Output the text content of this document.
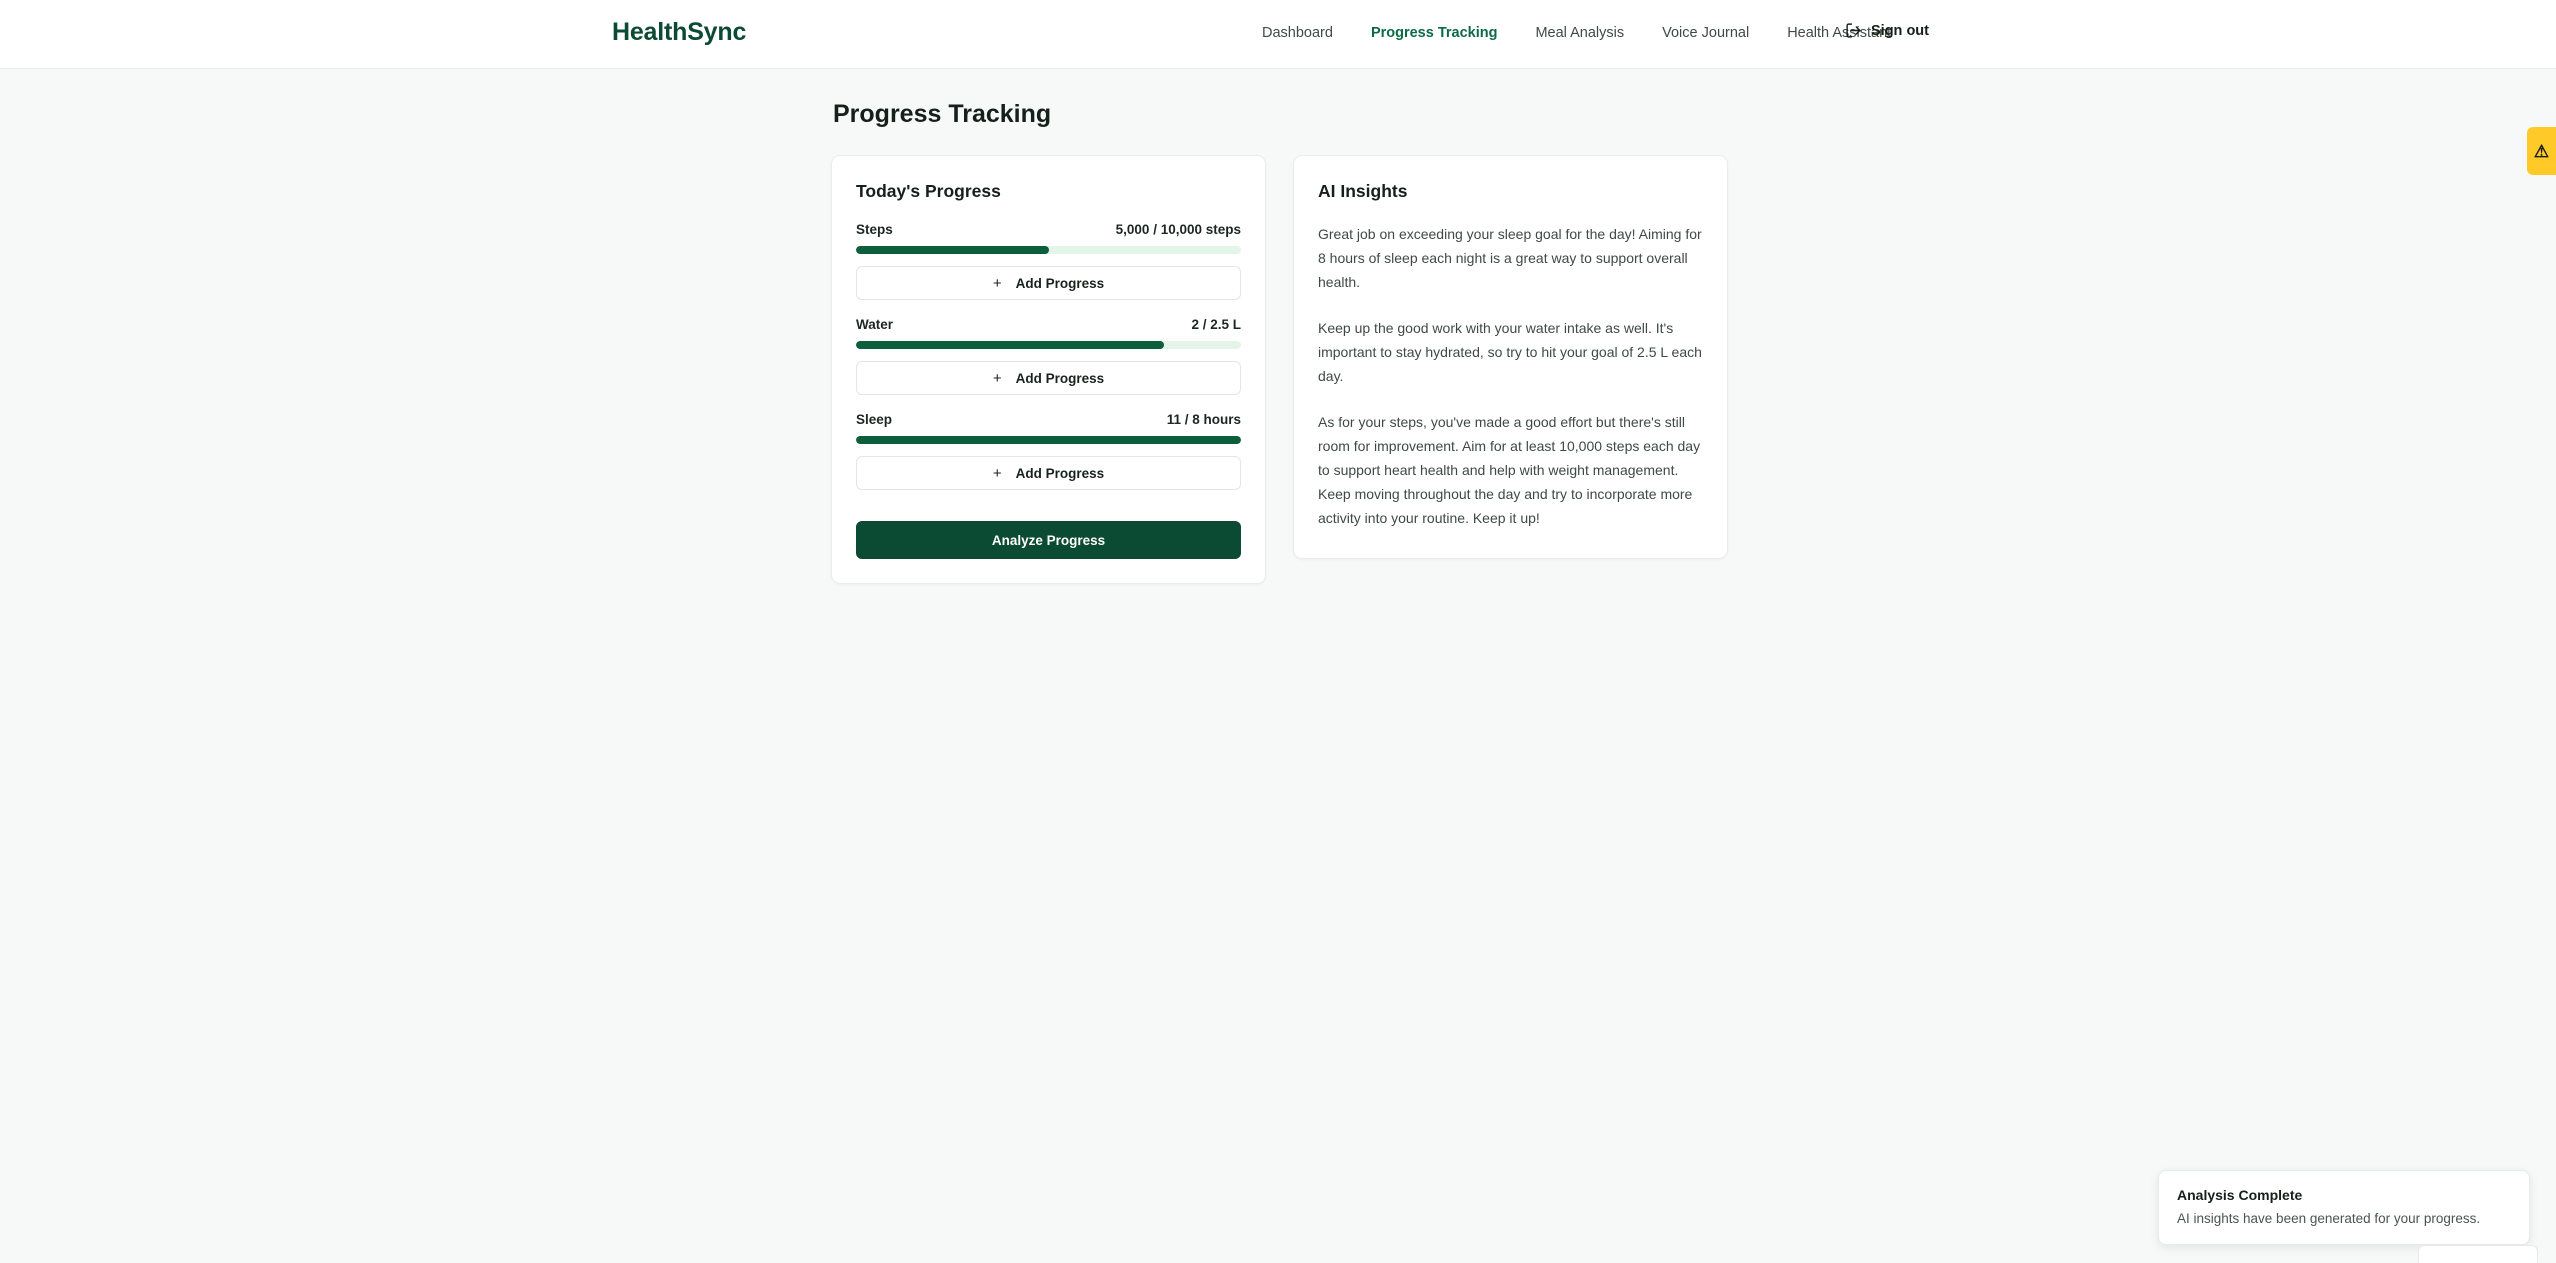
HealthSync	Dashboard	Progress Tracking	Meal Analysis	Voice Journal	Health Assistant
Sign out
Progress Tracking
Today's Progress
Steps	5,000 / 10,000 steps
+ Add Progress
Water	2 / 2.5 L
+ Add Progress
Sleep	11 / 8 hours
+ Add Progress
Analyze Progress
AI Insights

Great job on exceeding your sleep goal for the day! Aiming for 8 hours of sleep each night is a great way to support overall health.

Keep up the good work with your water intake as well. It's important to stay hydrated, so try to hit your goal of 2.5 L each day.

As for your steps, you've made a good effort but there's still room for improvement. Aim for at least 10,000 steps each day to support heart health and help with weight management. Keep moving throughout the day and try to incorporate more activity into your routine. Keep it up!

⚠
Analysis Complete
AI insights have been generated for your progress.
